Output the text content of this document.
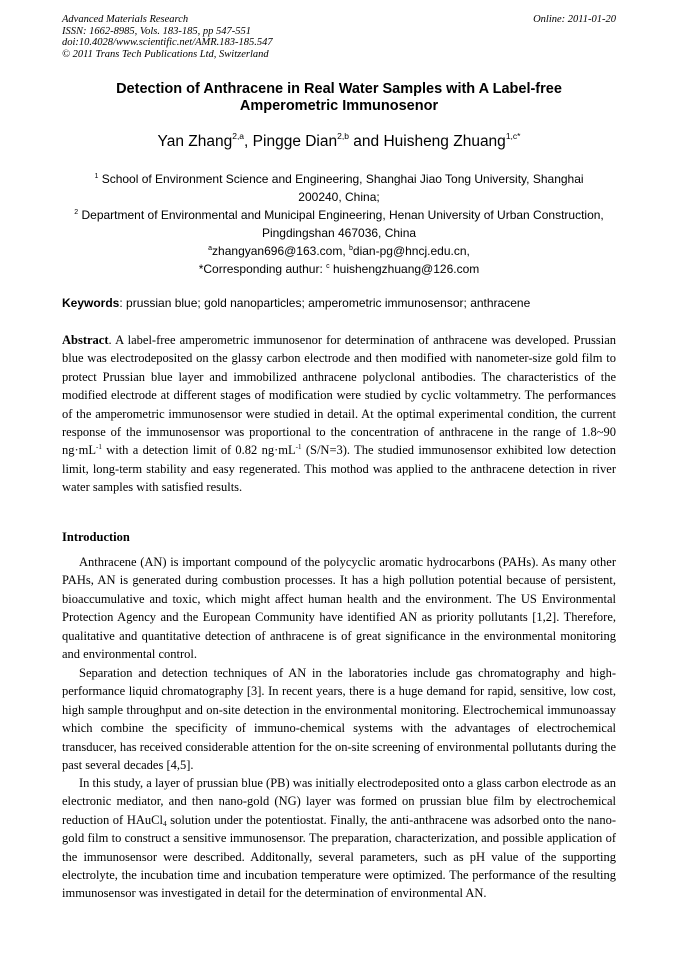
Advanced Materials Research
ISSN: 1662-8985, Vols. 183-185, pp 547-551
doi:10.4028/www.scientific.net/AMR.183-185.547
© 2011 Trans Tech Publications Ltd, Switzerland
Online: 2011-01-20
Detection of Anthracene in Real Water Samples with A Label-free
Amperometric Immunosenor
Yan Zhang$^{2,a}$, Pingge Dian$^{2,b}$ and Huisheng Zhuang$^{1,c*}$
$^1$ School of Environment Science and Engineering, Shanghai Jiao Tong University, Shanghai
200240, China;
$^2$ Department of Environmental and Municipal Engineering, Henan University of Urban Construction,
Pingdingshan 467036, China
$^a$zhangyan696@163.com, $^b$dian-pg@hncj.edu.cn,
*Corresponding authur: $^c$ huishengzhuang@126.com
Keywords: prussian blue; gold nanoparticles; amperometric immunosensor; anthracene
Abstract. A label-free amperometric immunosenor for determination of anthracene was developed. Prussian blue was electrodeposited on the glassy carbon electrode and then modified with nanometer-size gold film to protect Prussian blue layer and immobilized anthracene polyclonal antibodies. The characteristics of the modified electrode at different stages of modification were studied by cyclic voltammetry. The performances of the amperometric immunosensor were studied in detail. At the optimal experimental condition, the current response of the immunosensor was proportional to the concentration of anthracene in the range of 1.8~90 $ng\cdot mL^{-1}$ with a detection limit of 0.82 $ng\cdot mL^{-1}$ (S/N=3). The studied immunosensor exhibited low detection limit, long-term stability and easy regenerated. This mothod was applied to the anthracene detection in river water samples with satisfied results.
Introduction
Anthracene (AN) is important compound of the polycyclic aromatic hydrocarbons (PAHs). As many other PAHs, AN is generated during combustion processes. It has a high pollution potential because of persistent, bioaccumulative and toxic, which might affect human health and the environment. The US Environmental Protection Agency and the European Community have identified AN as priority pollutants [1,2]. Therefore, qualitative and quantitative detection of anthracene is of great significance in the environmental monitoring and environmental control.
Separation and detection techniques of AN in the laboratories include gas chromatography and high-performance liquid chromatography [3]. In recent years, there is a huge demand for rapid, sensitive, low cost, high sample throughput and on-site detection in the environmental monitoring. Electrochemical immunoassay which combine the specificity of immuno-chemical systems with the advantages of electrochemical transducer, has received considerable attention for the on-site screening of environmental pollutants during the past several decades [4,5].
In this study, a layer of prussian blue (PB) was initially electrodeposited onto a glass carbon electrode as an electronic mediator, and then nano-gold (NG) layer was formed on prussian blue film by electrochemical reduction of HAuCl$_4$ solution under the potentiostat. Finally, the anti-anthracene was adsorbed onto the nano-gold film to construct a sensitive immunosensor. The preparation, characterization, and possible application of the immunosensor were described. Additonally, several parameters, such as pH value of the supporting electrolyte, the incubation time and incubation temperature were optimized. The performance of the resulting immunosensor was investigated in detail for the determination of environmental AN.
